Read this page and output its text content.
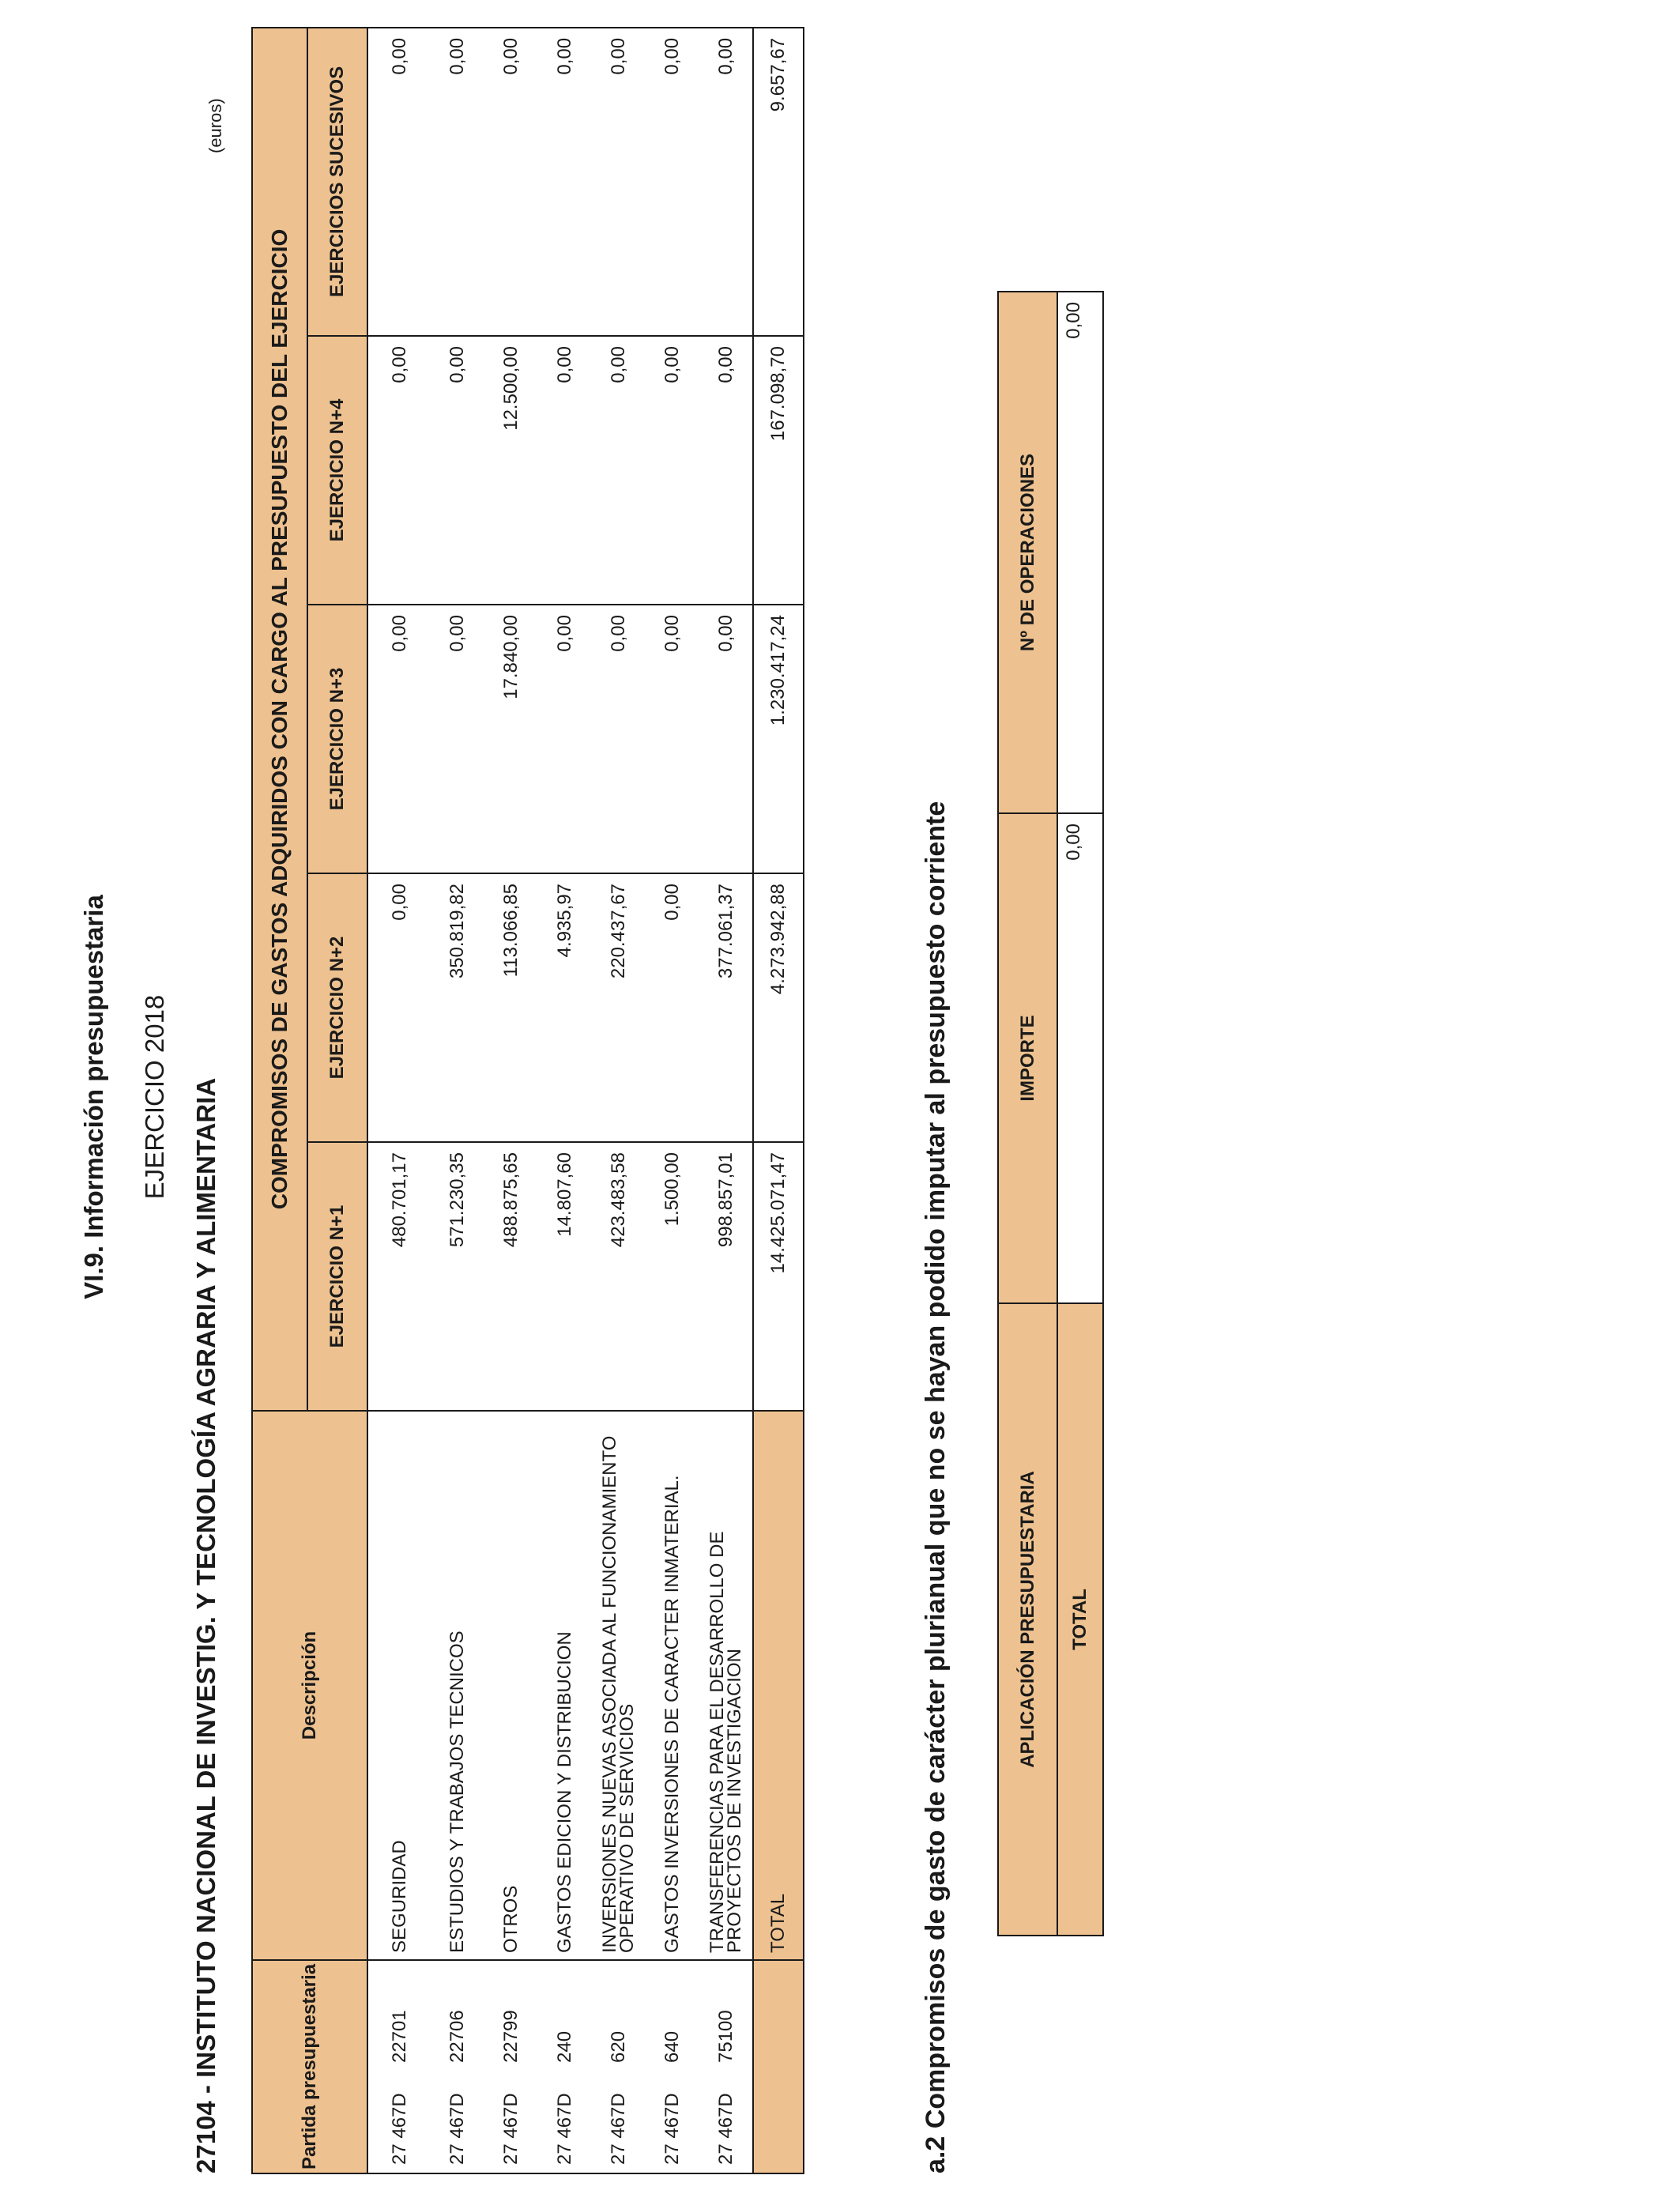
VI.9. Información presupuestaria EJERCICIO 2018 27104 - INSTITUTO NACIONAL DE INVESTIG. Y TECNOLOGÍA AGRARIA Y ALIMENTARIA
(euros)
Partida presupuestaria		Descripción	COMPROMISOS DE GASTOS ADQUIRIDOS CON CARGO AL PRESUPUESTO DEL EJERCICIO				
			EJERCICIO N+1	EJERCICIO N+2	EJERCICIO N+3	EJERCICIO N+4	EJERCICIOS SUCESIVOS
27 467D	22701	SEGURIDAD	480.701,17	0,00	0,00	0,00	0,00
27 467D	22706	ESTUDIOS Y TRABAJOS TECNICOS	571.230,35	350.819,82	0,00	0,00	0,00
27 467D	22799	OTROS	488.875,65	113.066,85	17.840,00	12.500,00	0,00
27 467D	240	GASTOS EDICION Y DISTRIBUCION	14.807,60	4.935,97	0,00	0,00	0,00
27 467D	620	INVERSIONES NUEVAS ASOCIADA AL FUNCIONAMIENTO OPERATIVO DE SERVICIOS	423.483,58	220.437,67	0,00	0,00	0,00
27 467D	640	GASTOS INVERSIONES DE CARACTER INMATERIAL.	1.500,00	0,00	0,00	0,00	0,00
27 467D	75100	TRANSFERENCIAS PARA EL DESARROLLO DE PROYECTOS DE INVESTIGACION	998.857,01	377.061,37	0,00	0,00	0,00
		TOTAL	14.425.071,47	4.273.942,88	1.230.417,24	167.098,70	9.657,67
a.2 Compromisos de gasto de carácter plurianual que no se hayan podido imputar al presupuesto corriente	APLICACIÓN PRESUPUESTARIA	IMPORTE	Nº DE OPERACIONES
TOTAL	0,00	0,00
